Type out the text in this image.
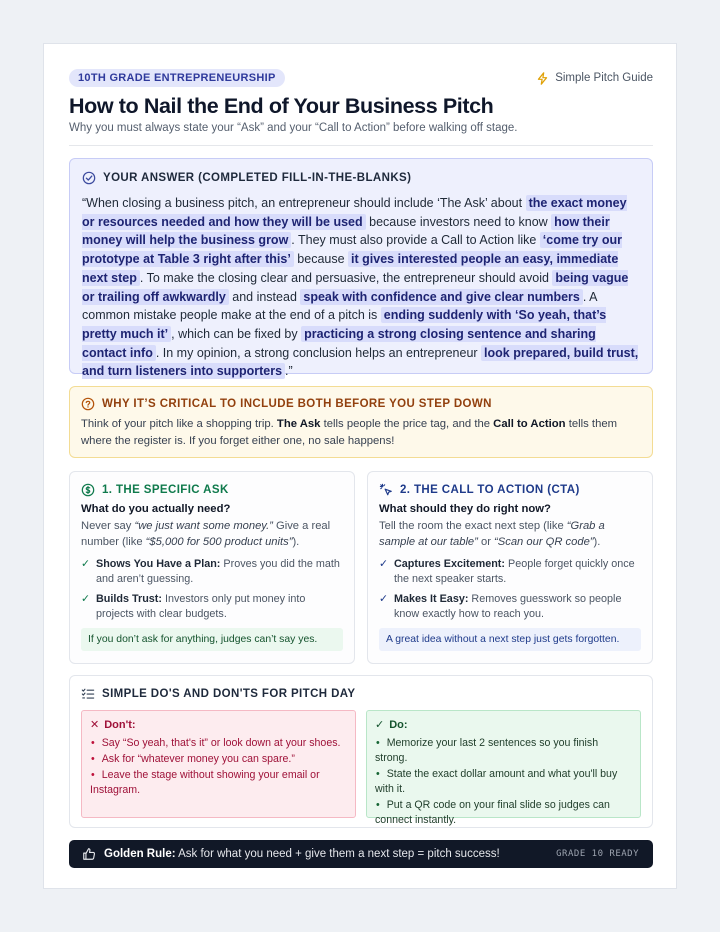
10TH GRADE ENTREPRENEURSHIP	Simple Pitch Guide
How to Nail the End of Your Business Pitch
Why you must always state your “Ask” and your “Call to Action” before walking off stage.
YOUR ANSWER (COMPLETED FILL-IN-THE-BLANKS)

“When closing a business pitch, an entrepreneur should include ‘The Ask’ about the exact money or resources needed and how they will be used because investors need to know how their money will help the business grow . They must also provide a Call to Action like ‘come try our prototype at Table 3 right after this’ because it gives interested people an easy, immediate next step . To make the closing clear and persuasive, the entrepreneur should avoid being vague or trailing off awkwardly and instead speak with confidence and give clear numbers . A common mistake people make at the end of a pitch is ending suddenly with ‘So yeah, that’s pretty much it’ , which can be fixed by practicing a strong closing sentence and sharing contact info . In my opinion, a strong conclusion helps an entrepreneur look prepared, build trust, and turn listeners into supporters .”

WHY IT’S CRITICAL TO INCLUDE BOTH BEFORE YOU STEP DOWN

Think of your pitch like a shopping trip. The Ask tells people the price tag, and the Call to Action tells them where the register is. If you forget either one, no sale happens!

1. THE SPECIFIC ASK
What do you actually need?

Never say “we just want some money.” Give a real number (like “$5,000 for 500 product units”).

✓ Shows You Have a Plan: Proves you did the math and aren’t guessing.
✓ Builds Trust: Investors only put money into projects with clear budgets.
If you don’t ask for anything, judges can’t say yes.
2. THE CALL TO ACTION (CTA)
What should they do right now?

Tell the room the exact next step (like “Grab a sample at our table” or “Scan our QR code”).

✓ Captures Excitement: People forget quickly once the next speaker starts.
✓ Makes It Easy: Removes guesswork so people know exactly how to reach you.
A great idea without a next step just gets forgotten.
SIMPLE DO'S AND DON'TS FOR PITCH DAY
✕ Don't:
• Say “So yeah, that's it” or look down at your shoes.
• Ask for “whatever money you can spare.”
• Leave the stage without showing your email or Instagram.
✓ Do:
• Memorize your last 2 sentences so you finish strong.
• State the exact dollar amount and what you'll buy with it.
• Put a QR code on your final slide so judges can connect instantly.
Golden Rule: Ask for what you need + give them a next step = pitch success!	GRADE 10 READY
